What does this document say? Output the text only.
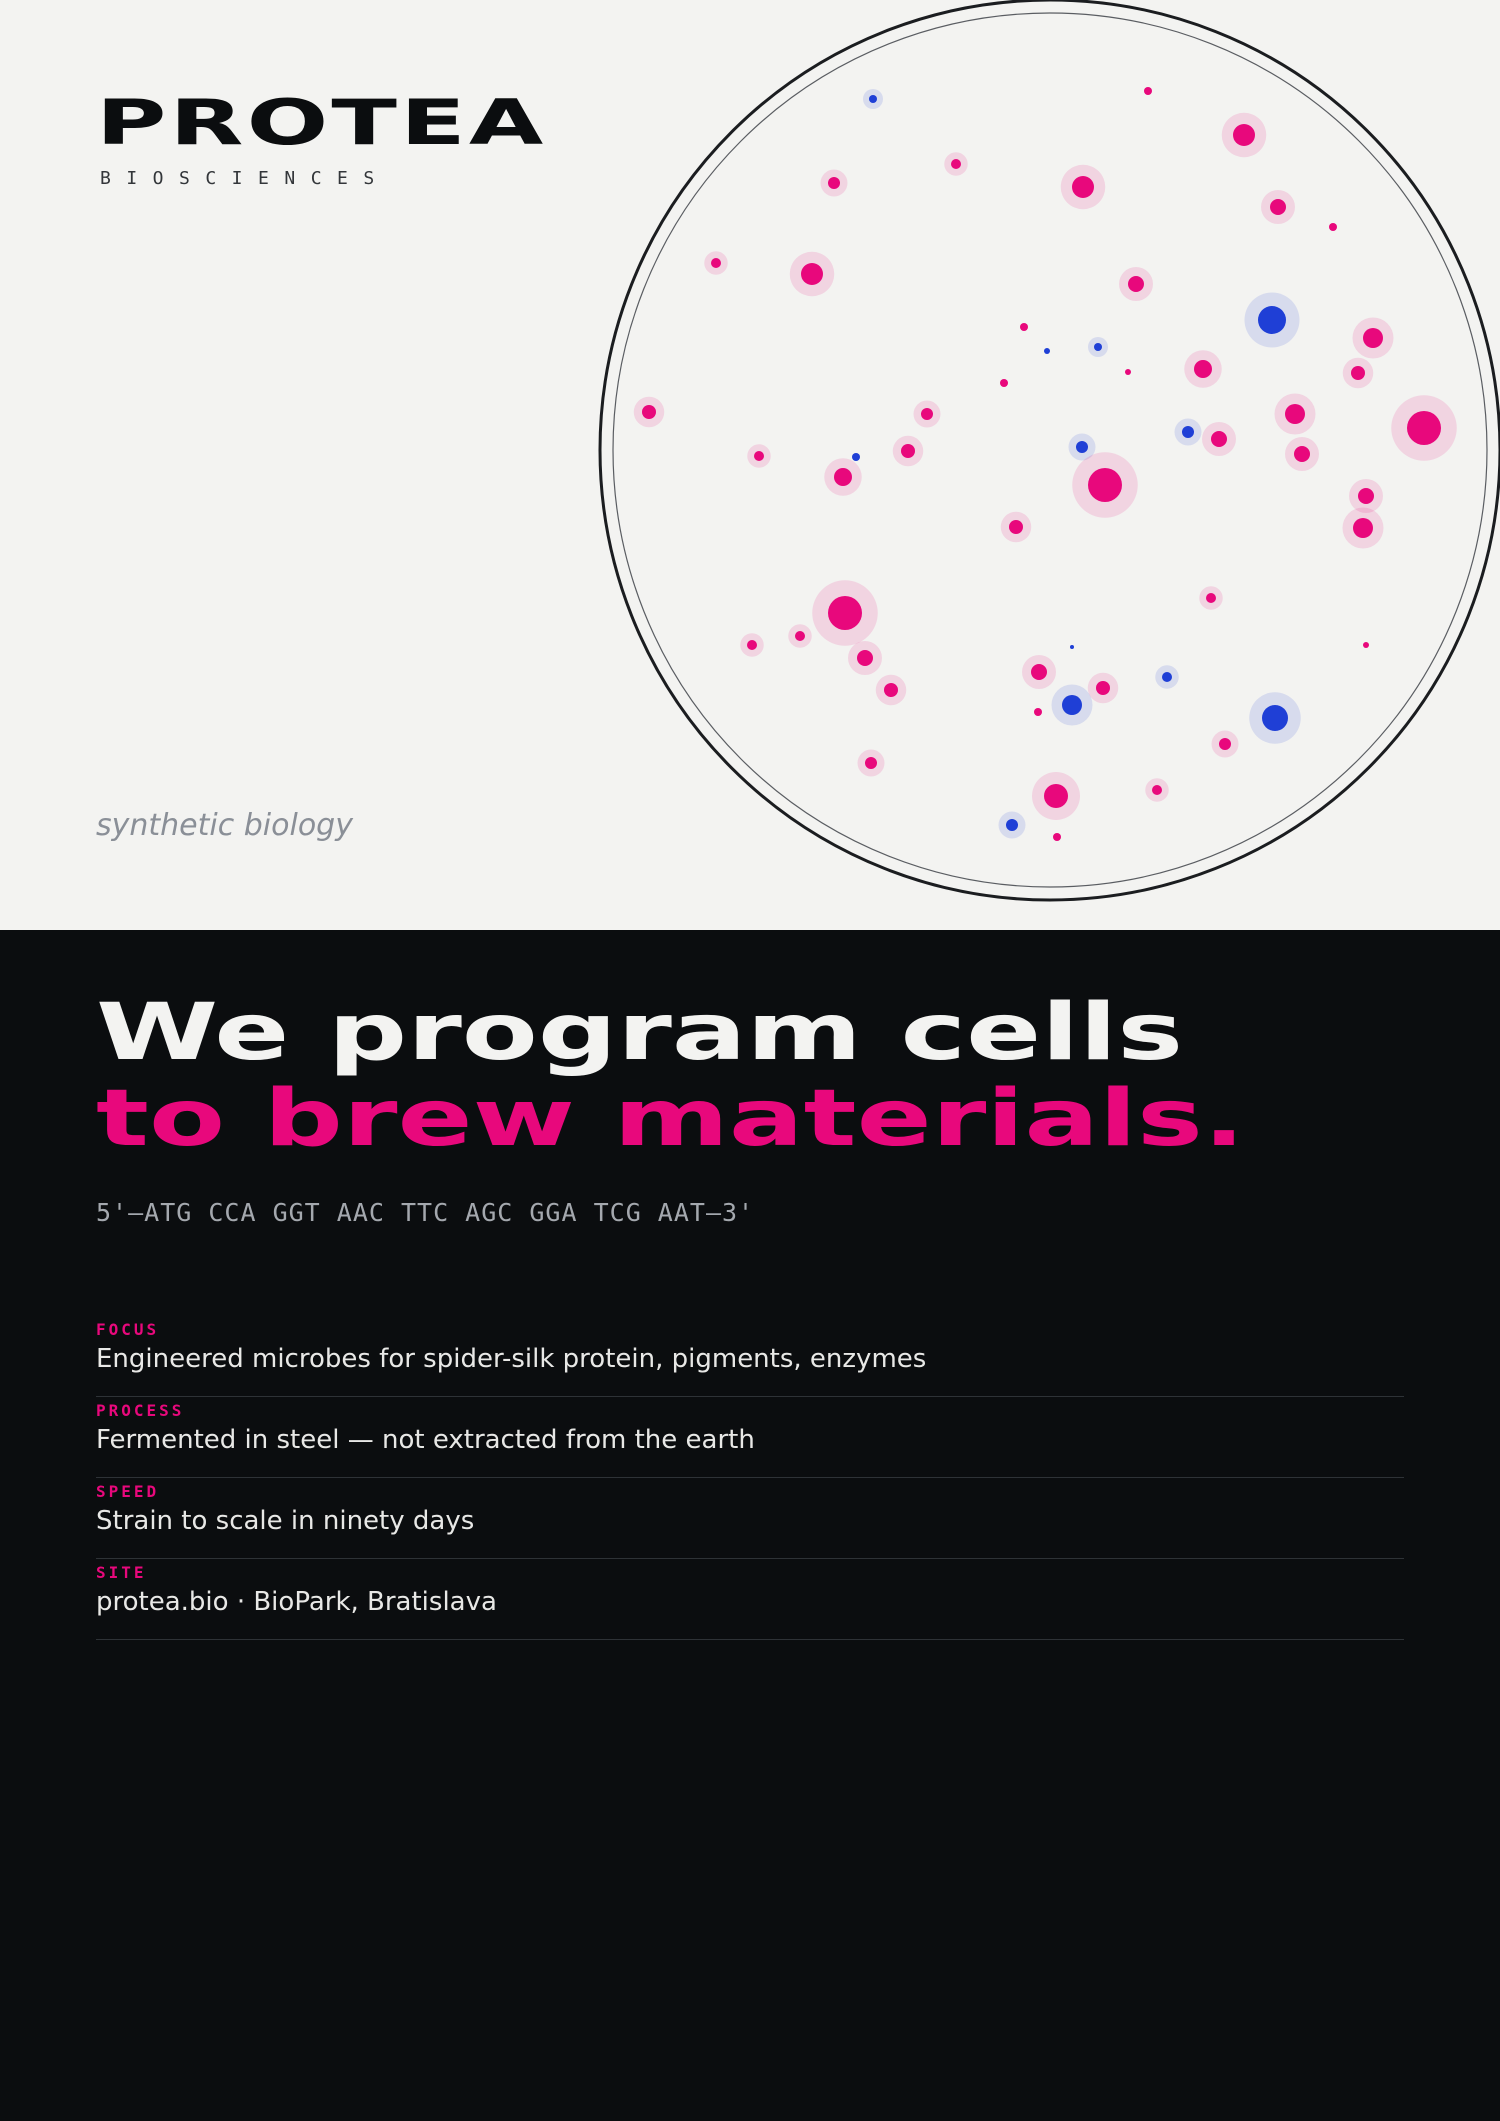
PROTEA
BIOSCIENCES
synthetic biology
We program cells
to brew materials.
5'—ATG CCA GGT AAC TTC AGC GGA TCG AAT—3'
FOCUS
Engineered microbes for spider-silk protein, pigments, enzymes
PROCESS
Fermented in steel — not extracted from the earth
SPEED
Strain to scale in ninety days
SITE
protea.bio · BioPark, Bratislava
